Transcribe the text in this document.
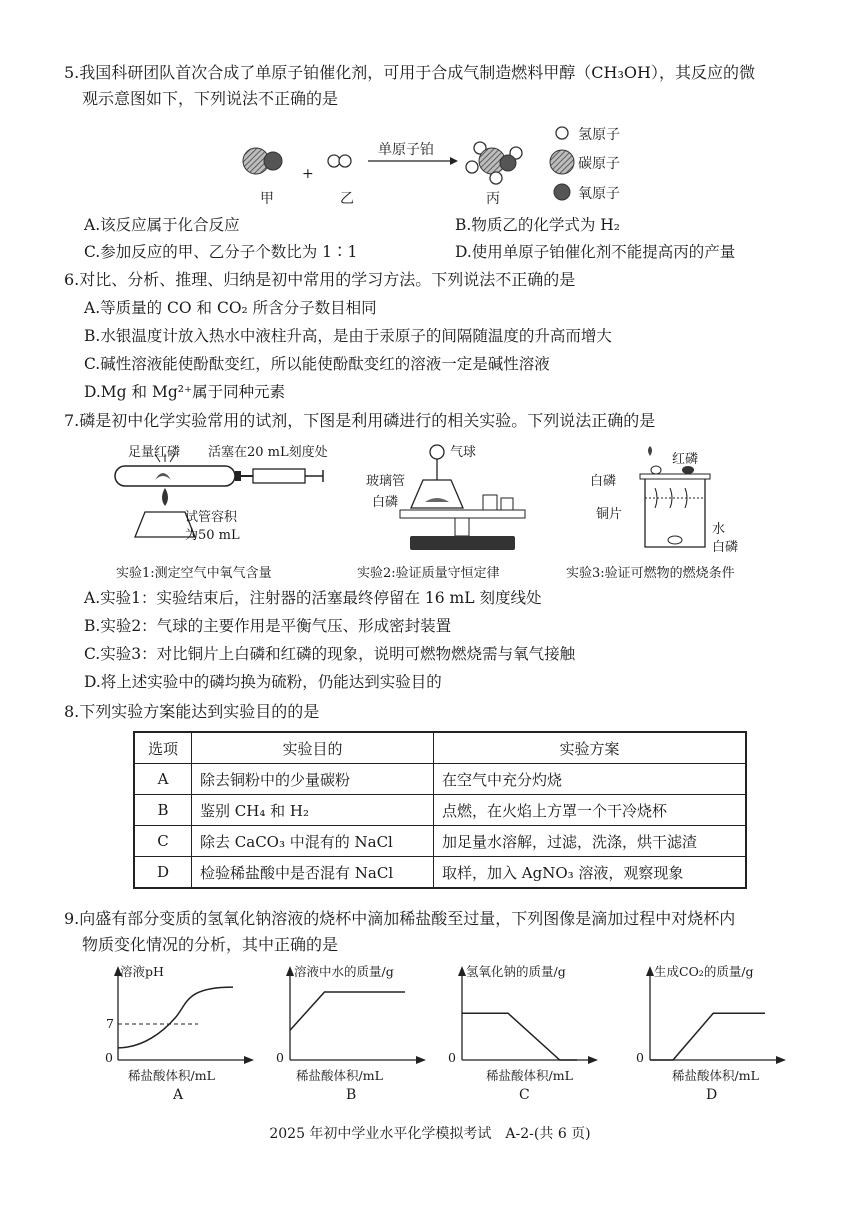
5.我国科研团队首次合成了单原子铂催化剂，可用于合成气制造燃料甲醇（CH₃OH），其反应的微
观示意图如下，下列说法不正确的是
+
单原子铂
甲	乙	丙
氢原子
碳原子
氧原子
A.该反应属于化合反应	B.物质乙的化学式为 H₂
C.参加反应的甲、乙分子个数比为 1∶1	D.使用单原子铂催化剂不能提高丙的产量
6.对比、分析、推理、归纳是初中常用的学习方法。下列说法不正确的是
A.等质量的 CO 和 CO₂ 所含分子数目相同
B.水银温度计放入热水中液柱升高，是由于汞原子的间隔随温度的升高而增大
C.碱性溶液能使酚酞变红，所以能使酚酞变红的溶液一定是碱性溶液
D.Mg 和 Mg²⁺属于同种元素
7.磷是初中化学实验常用的试剂，下图是利用磷进行的相关实验。下列说法正确的是
足量红磷 活塞在20 mL刻度处
试管容积
为50 mL
实验1:测定空气中氧气含量
气球
玻璃管
白磷
实验2:验证质量守恒定律
红磷
白磷
铜片
水
白磷
实验3:验证可燃物的燃烧条件
A.实验1：实验结束后，注射器的活塞最终停留在 16 mL 刻度线处
B.实验2：气球的主要作用是平衡气压、形成密封装置
C.实验3：对比铜片上白磷和红磷的现象，说明可燃物燃烧需与氧气接触
D.将上述实验中的磷均换为硫粉，仍能达到实验目的
8.下列实验方案能达到实验目的的是
选项	实验目的	实验方案
A	除去铜粉中的少量碳粉	在空气中充分灼烧
B	鉴别 CH₄ 和 H₂	点燃，在火焰上方罩一个干冷烧杯
C	除去 CaCO₃ 中混有的 NaCl	加足量水溶解，过滤，洗涤，烘干滤渣
D	检验稀盐酸中是否混有 NaCl	取样，加入 AgNO₃ 溶液，观察现象
9.向盛有部分变质的氢氧化钠溶液的烧杯中滴加稀盐酸至过量，下列图像是滴加过程中对烧杯内
物质变化情况的分析，其中正确的是
溶液pH
7
0
稀盐酸体积/mL
A
溶液中水的质量/g
0
稀盐酸体积/mL
B
氢氧化钠的质量/g
0
稀盐酸体积/mL
C
生成CO₂的质量/g
0
稀盐酸体积/mL
D
2025 年初中学业水平化学模拟考试　A-2-(共 6 页)
